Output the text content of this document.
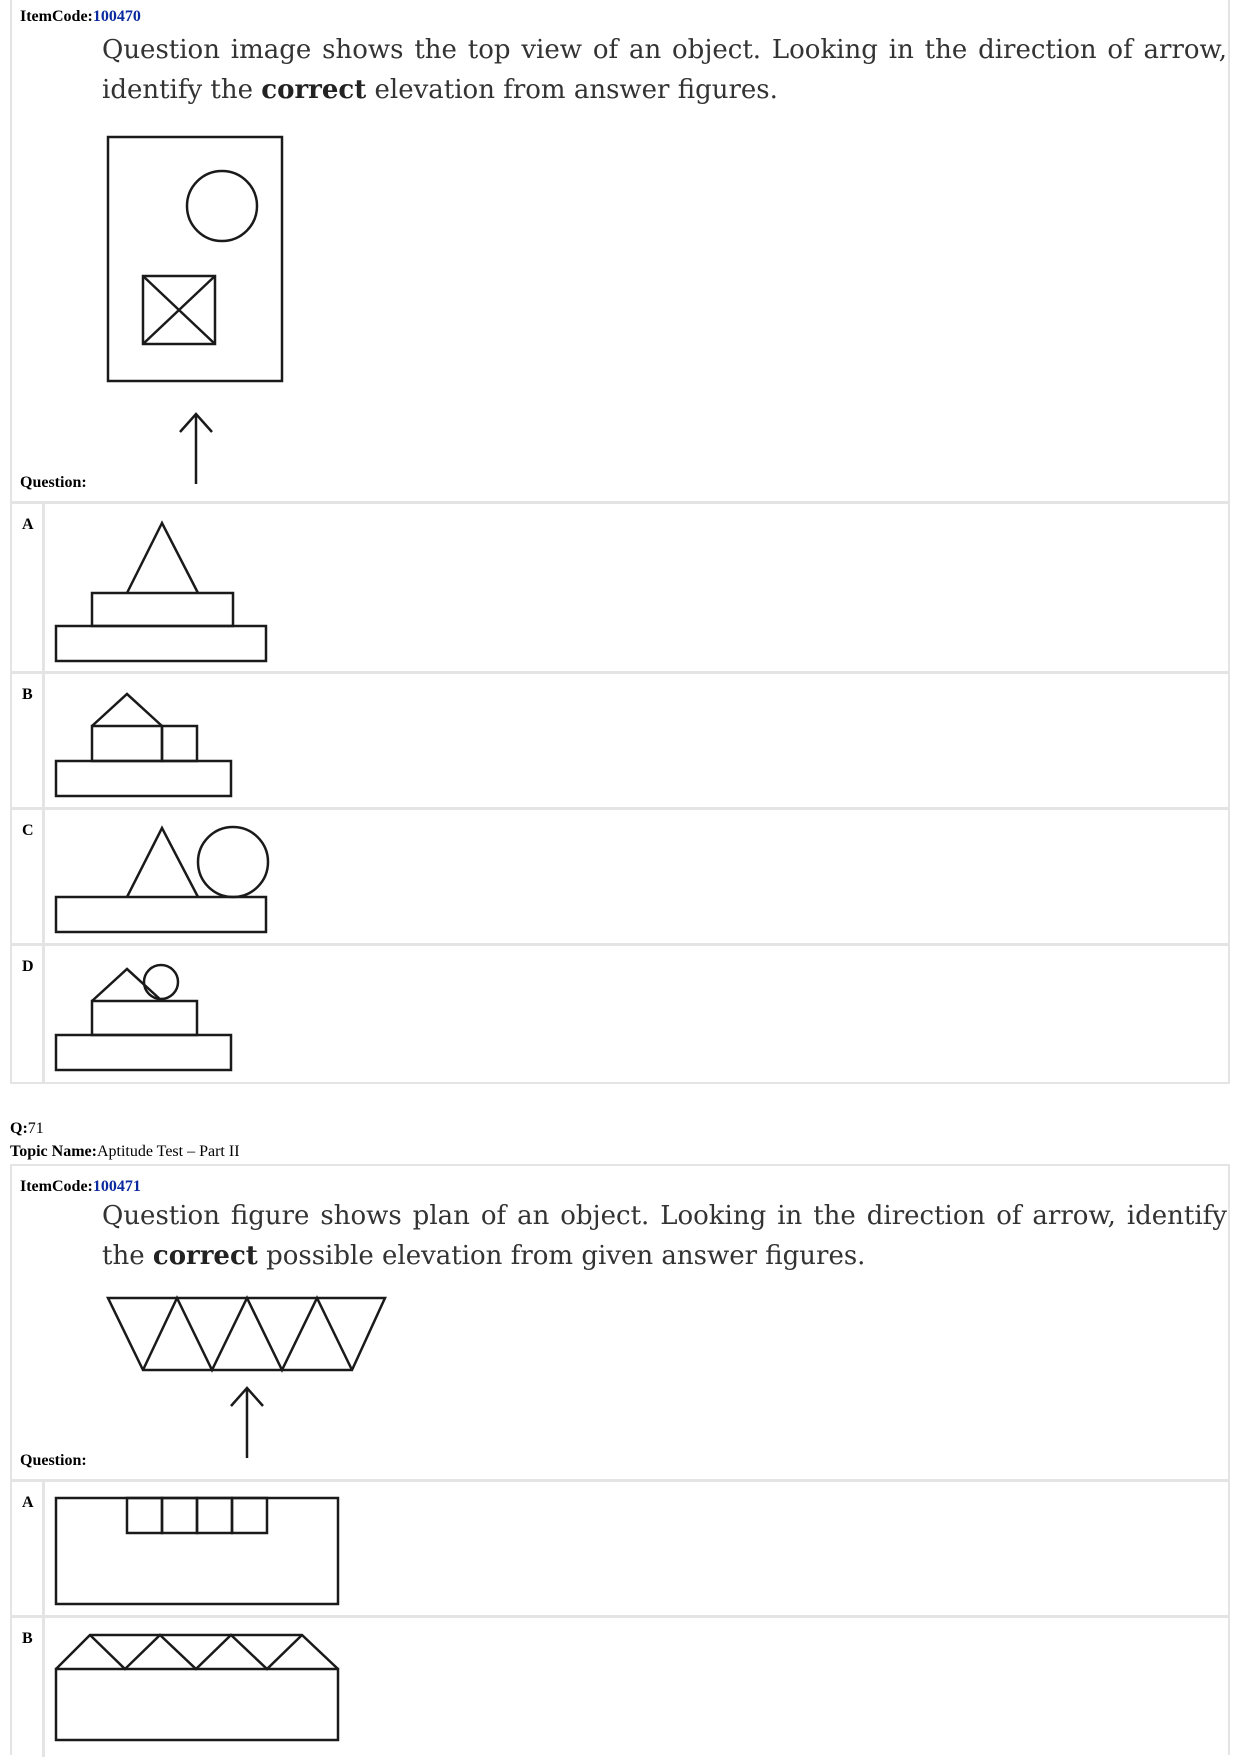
ItemCode:100470
Question image shows the top view of an object. Looking in the direction of arrow, identify the correct elevation from answer figures.
Question:
A
B
C
D
Q:71
Topic Name:Aptitude Test – Part II
ItemCode:100471
Question figure shows plan of an object. Looking in the direction of arrow, identify the correct possible elevation from given answer figures.
Question:
A
B
